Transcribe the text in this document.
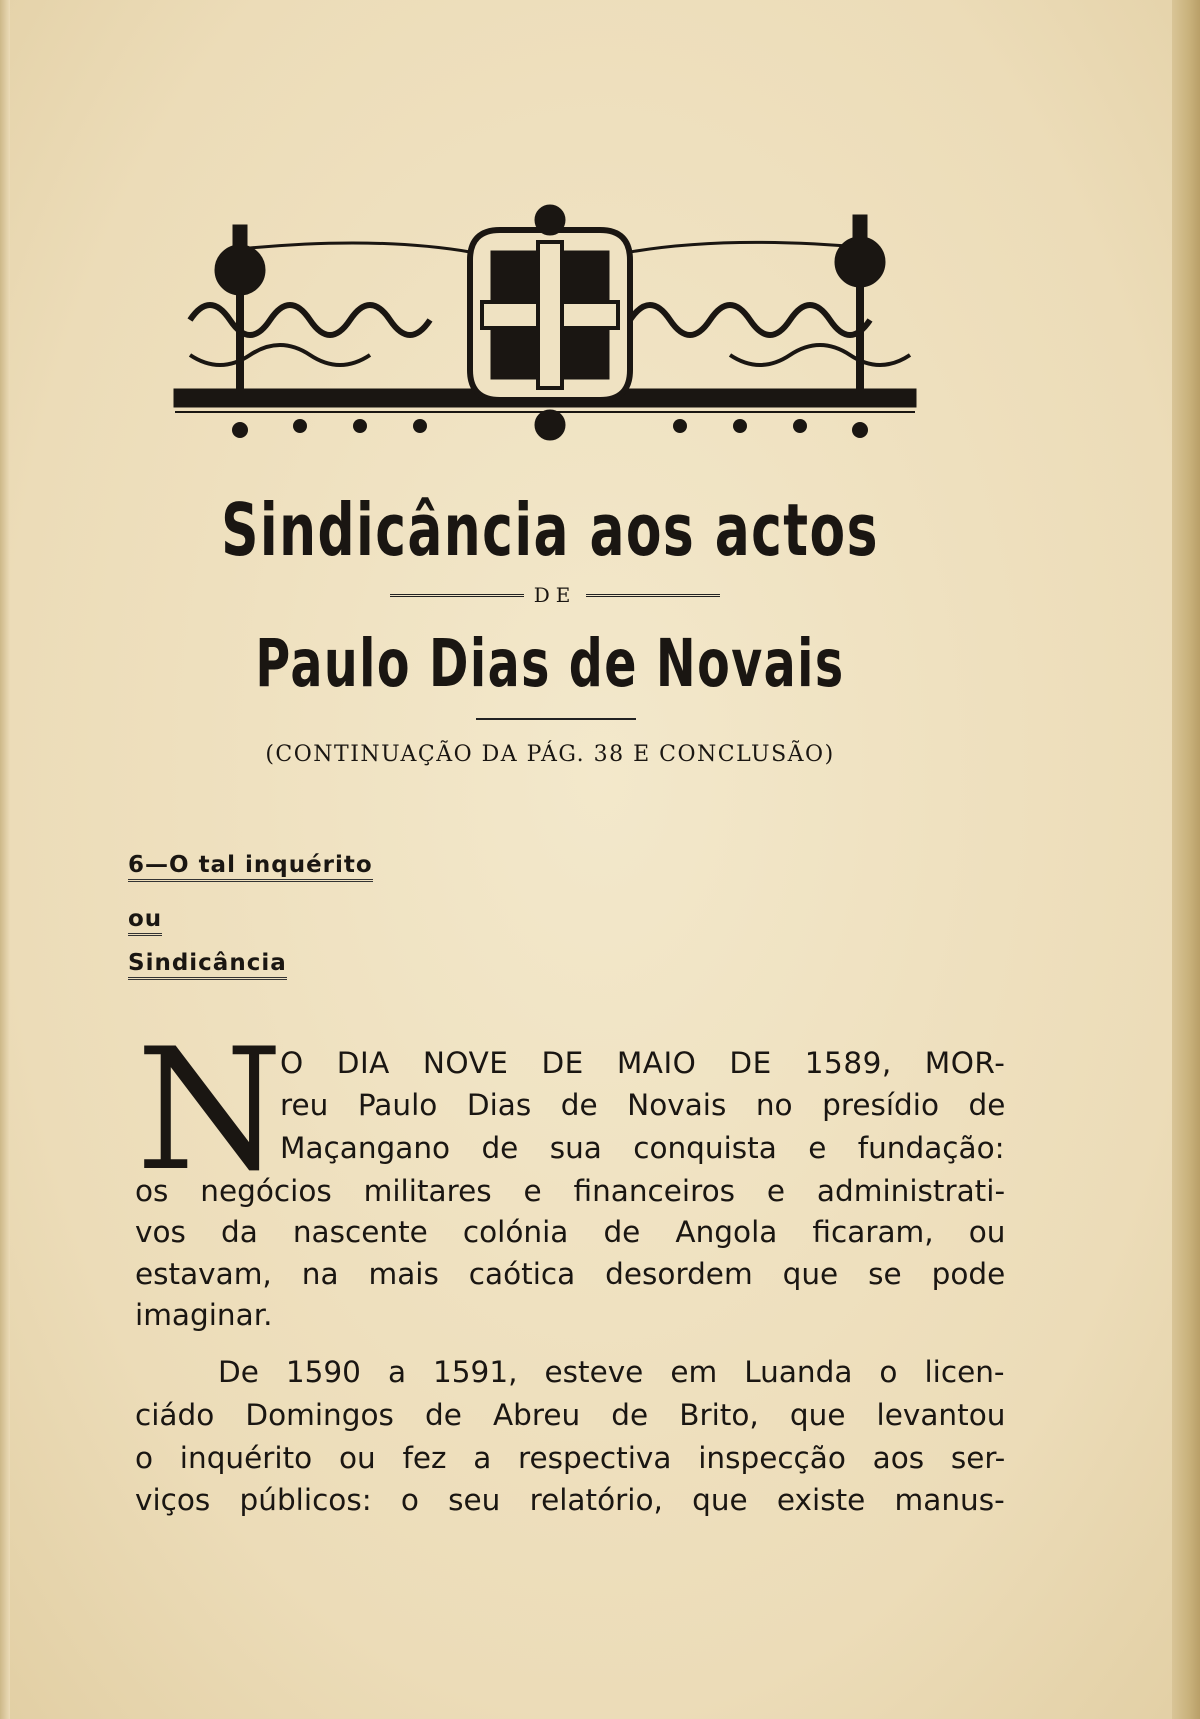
Sindicância aos actos
DE
Paulo Dias de Novais
(CONTINUAÇÃO DA PÁG. 38 E CONCLUSÃO)
6—O tal inquérito
ou
Sindicância
N
O DIA NOVE DE MAIO DE 1589, MOR-
reu Paulo Dias de Novais no presídio de
Maçangano de sua conquista e fundação:
os negócios militares e financeiros e administrati-
vos da nascente colónia de Angola ficaram, ou
estavam, na mais caótica desordem que se pode
imaginar.
De 1590 a 1591, esteve em Luanda o licen-
ciádo Domingos de Abreu de Brito, que levantou
o inquérito ou fez a respectiva inspecção aos ser-
viços públicos: o seu relatório, que existe manus-
